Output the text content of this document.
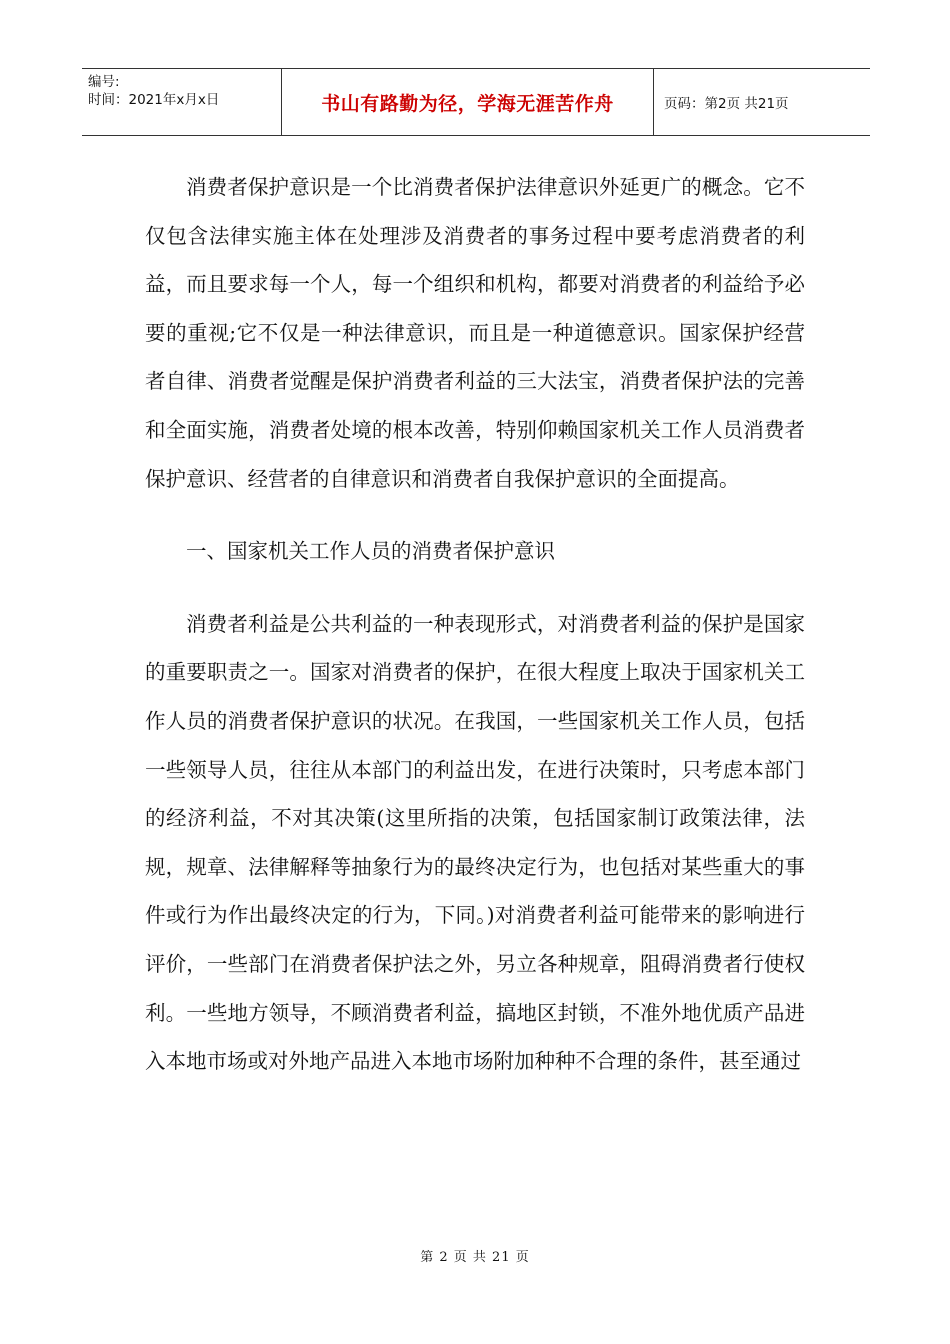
编号:
时间：2021年x月x日	书山有路勤为径，学海无涯苦作舟	页码：第2页 共21页

消费者保护意识是一个比消费者保护法律意识外延更广的概念。它不仅包含法律实施主体在处理涉及消费者的事务过程中要考虑消费者的利益，而且要求每一个人，每一个组织和机构，都要对消费者的利益给予必要的重视;它不仅是一种法律意识，而且是一种道德意识。国家保护经营者自律、消费者觉醒是保护消费者利益的三大法宝，消费者保护法的完善和全面实施，消费者处境的根本改善，特别仰赖国家机关工作人员消费者保护意识、经营者的自律意识和消费者自我保护意识的全面提高。

一、国家机关工作人员的消费者保护意识

消费者利益是公共利益的一种表现形式，对消费者利益的保护是国家的重要职责之一。国家对消费者的保护，在很大程度上取决于国家机关工作人员的消费者保护意识的状况。在我国，一些国家机关工作人员，包括一些领导人员，往往从本部门的利益出发，在进行决策时，只考虑本部门的经济利益，不对其决策(这里所指的决策，包括国家制订政策法律，法规，规章、法律解释等抽象行为的最终决定行为，也包括对某些重大的事件或行为作出最终决定的行为，下同。)对消费者利益可能带来的影响进行评价，一些部门在消费者保护法之外，另立各种规章，阻碍消费者行使权利。一些地方领导，不顾消费者利益，搞地区封锁，不准外地优质产品进入本地市场或对外地产品进入本地市场附加种种不合理的条件，甚至通过

第 2 页 共 21 页
